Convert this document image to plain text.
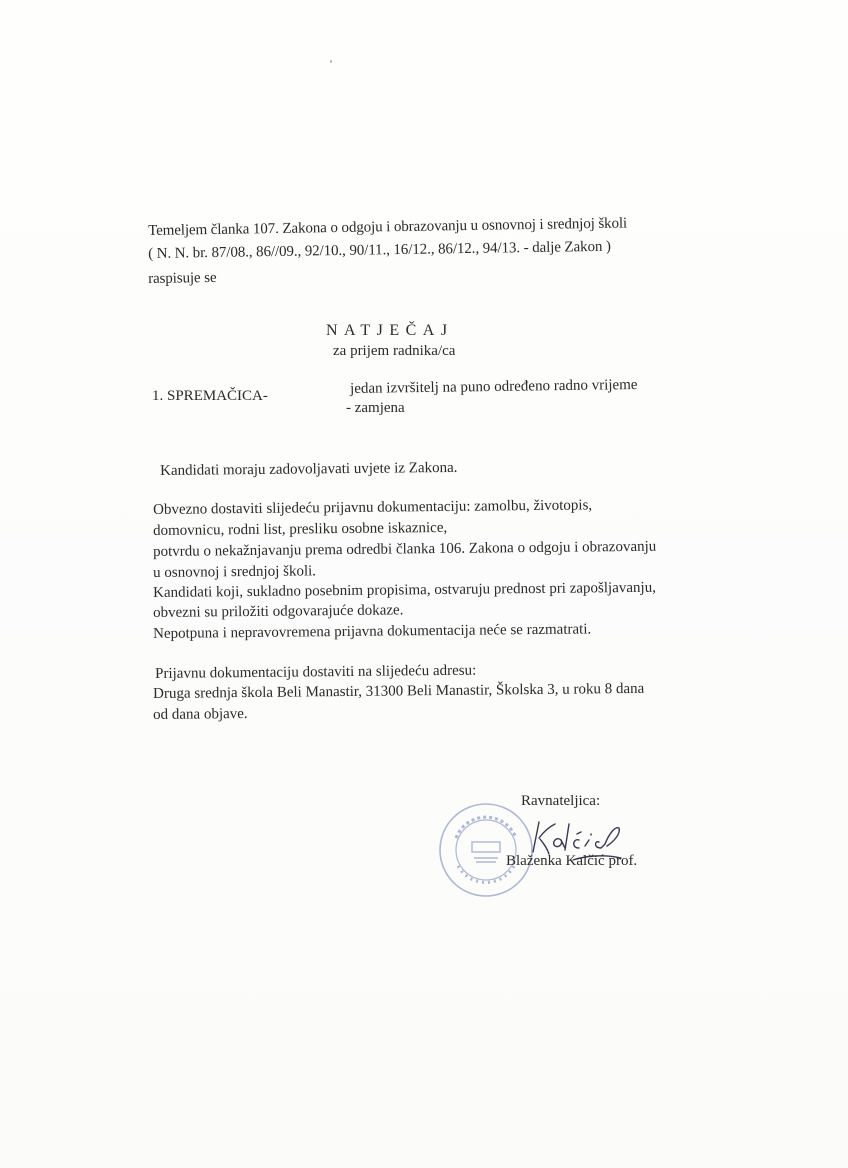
Temeljem članka 107. Zakona o odgoju i obrazovanju u osnovnoj i srednjoj školi
( N. N. br. 87/08., 86//09., 92/10., 90/11., 16/12., 86/12., 94/13. - dalje Zakon )
raspisuje se
NATJEČAJ
za prijem radnika/ca
1. SPREMAČICA-	jedan izvršitelj na puno određeno radno vrijeme
- zamjena
Kandidati moraju zadovoljavati uvjete iz Zakona.
Obvezno dostaviti slijedeću prijavnu dokumentaciju: zamolbu, životopis,
domovnicu, rodni list, presliku osobne iskaznice,
potvrdu o nekažnjavanju prema odredbi članka 106. Zakona o odgoju i obrazovanju
u osnovnoj i srednjoj školi.
Kandidati koji, sukladno posebnim propisima, ostvaruju prednost pri zapošljavanju,
obvezni su priložiti odgovarajuće dokaze.
Nepotpuna i nepravovremena prijavna dokumentacija neće se razmatrati.
Prijavnu dokumentaciju dostaviti na slijedeću adresu:
Druga srednja škola Beli Manastir, 31300 Beli Manastir, Školska 3, u roku 8 dana
od dana objave.
Ravnateljica:
Blaženka Kalčić prof.
